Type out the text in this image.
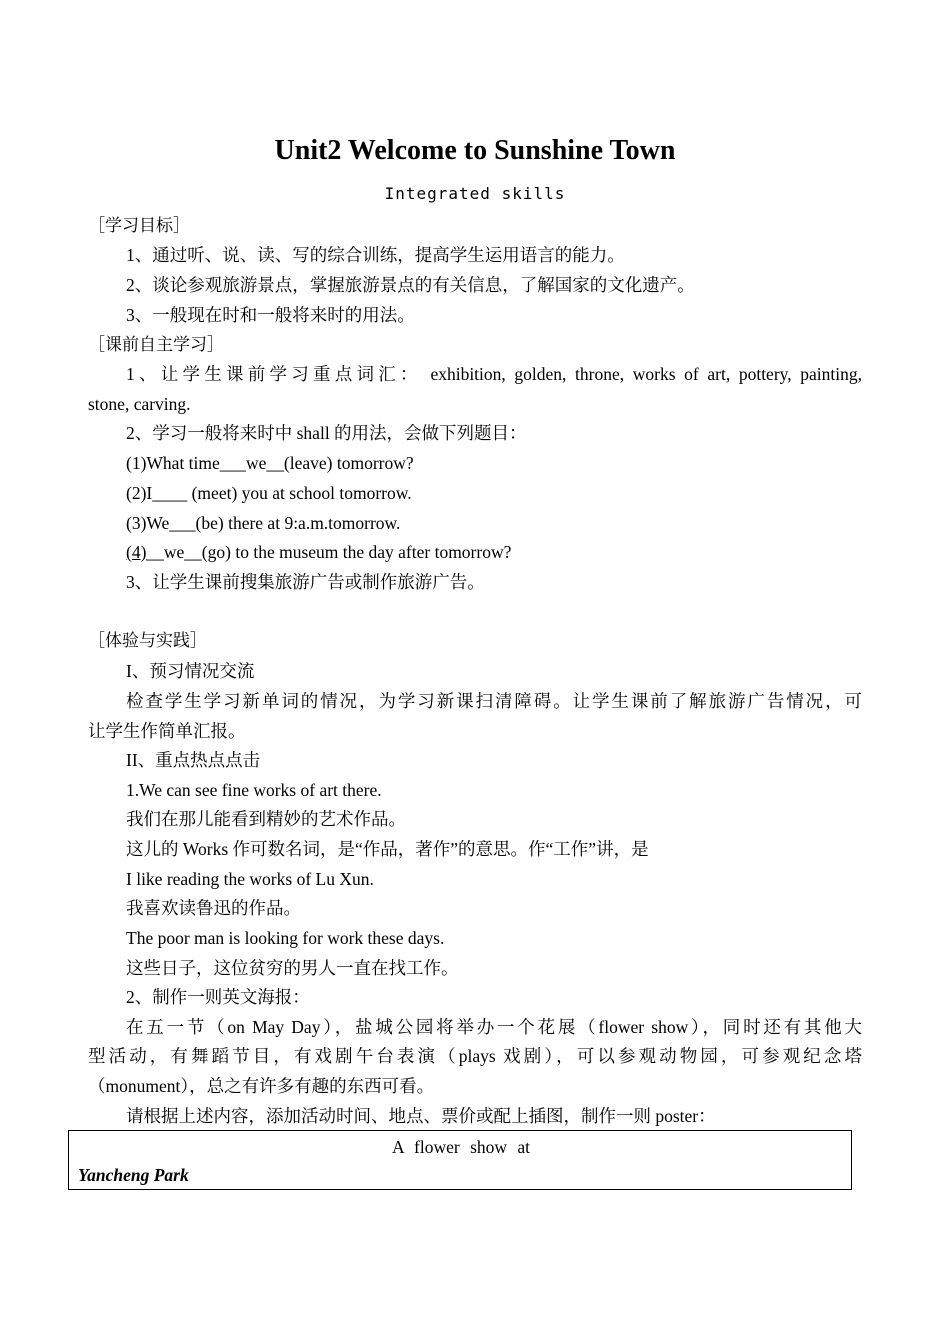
Unit2 Welcome to Sunshine Town
Integrated skills
［学习目标］
1、通过听、说、读、写的综合训练，提高学生运用语言的能力。
2、谈论参观旅游景点，掌握旅游景点的有关信息，了解国家的文化遗产。
3、一般现在时和一般将来时的用法。
［课前自主学习］
1、让学生课前学习重点词汇： exhibition, golden, throne, works of art, pottery, painting,
stone, carving.
2、学习一般将来时中 shall 的用法，会做下列题目：
(1)What time___we__(leave) tomorrow?
(2)I____ (meet) you at school tomorrow.
(3)We___(be) there at 9:a.m.tomorrow.
(4)__we__(go) to the museum the day after tomorrow?
3、让学生课前搜集旅游广告或制作旅游广告。
［体验与实践］
I、预习情况交流
检查学生学习新单词的情况，为学习新课扫清障碍。让学生课前了解旅游广告情况，可
让学生作简单汇报。
II、重点热点点击
1.We can see fine works of art there.
我们在那儿能看到精妙的艺术作品。
这儿的 Works 作可数名词，是“作品，著作”的意思。作“工作”讲，是
I like reading the works of Lu Xun.
我喜欢读鲁迅的作品。
The poor man is looking for work these days.
这些日子，这位贫穷的男人一直在找工作。
2、制作一则英文海报：
在五一节（on May Day），盐城公园将举办一个花展（flower show），同时还有其他大
型活动，有舞蹈节目，有戏剧午台表演（plays 戏剧），可以参观动物园，可参观纪念塔
（monument），总之有许多有趣的东西可看。
请根据上述内容，添加活动时间、地点、票价或配上插图，制作一则 poster：
A flower show at
Yancheng Park
